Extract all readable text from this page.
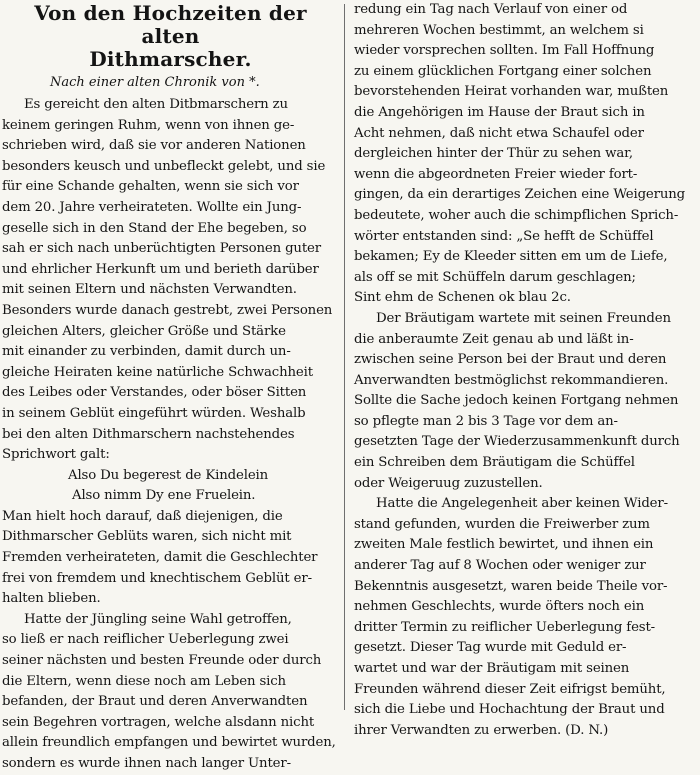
Von den Hochzeiten der alten
Dithmarscher.
Nach einer alten Chronik von *.
Es gereicht den alten Ditbmarschern zu
keinem geringen Ruhm, wenn von ihnen ge-
schrieben wird, daß sie vor anderen Nationen
besonders keusch und unbefleckt gelebt, und sie
für eine Schande gehalten, wenn sie sich vor
dem 20. Jahre verheirateten. Wollte ein Jung-
geselle sich in den Stand der Ehe begeben, so
sah er sich nach unberüchtigten Personen guter
und ehrlicher Herkunft um und berieth darüber
mit seinen Eltern und nächsten Verwandten.
Besonders wurde danach gestrebt, zwei Personen
gleichen Alters, gleicher Größe und Stärke
mit einander zu verbinden, damit durch un-
gleiche Heiraten keine natürliche Schwachheit
des Leibes oder Verstandes, oder böser Sitten
in seinem Geblüt eingeführt würden. Weshalb
bei den alten Dithmarschern nachstehendes
Sprichwort galt:
Also Du begerest de Kindelein
Also nimm Dy ene Fruelein.
Man hielt hoch darauf, daß diejenigen, die
Dithmarscher Geblüts waren, sich nicht mit
Fremden verheirateten, damit die Geschlechter
frei von fremdem und knechtischem Geblüt er-
halten blieben.
Hatte der Jüngling seine Wahl getroffen,
so ließ er nach reiflicher Ueberlegung zwei
seiner nächsten und besten Freunde oder durch
die Eltern, wenn diese noch am Leben sich
befanden, der Braut und deren Anverwandten
sein Begehren vortragen, welche alsdann nicht
allein freundlich empfangen und bewirtet wurden,
sondern es wurde ihnen nach langer Unter-
redung ein Tag nach Verlauf von einer od
mehreren Wochen bestimmt, an welchem si
wieder vorsprechen sollten. Im Fall Hoffnung
zu einem glücklichen Fortgang einer solchen
bevorstehenden Heirat vorhanden war, mußten
die Angehörigen im Hause der Braut sich in
Acht nehmen, daß nicht etwa Schaufel oder
dergleichen hinter der Thür zu sehen war,
wenn die abgeordneten Freier wieder fort-
gingen, da ein derartiges Zeichen eine Weigerung
bedeutete, woher auch die schimpflichen Sprich-
wörter entstanden sind: „Se hefft de Schüffel
bekamen; Ey de Kleeder sitten em um de Liefe,
als off se mit Schüffeln darum geschlagen;
Sint ehm de Schenen ok blau 2c.
Der Bräutigam wartete mit seinen Freunden
die anberaumte Zeit genau ab und läßt in-
zwischen seine Person bei der Braut und deren
Anverwandten bestmöglichst rekommandieren.
Sollte die Sache jedoch keinen Fortgang nehmen
so pflegte man 2 bis 3 Tage vor dem an-
gesetzten Tage der Wiederzusammenkunft durch
ein Schreiben dem Bräutigam die Schüffel
oder Weigeruug zuzustellen.
Hatte die Angelegenheit aber keinen Wider-
stand gefunden, wurden die Freiwerber zum
zweiten Male festlich bewirtet, und ihnen ein
anderer Tag auf 8 Wochen oder weniger zur
Bekenntnis ausgesetzt, waren beide Theile vor-
nehmen Geschlechts, wurde öfters noch ein
dritter Termin zu reiflicher Ueberlegung fest-
gesetzt. Dieser Tag wurde mit Geduld er-
wartet und war der Bräutigam mit seinen
Freunden während dieser Zeit eifrigst bemüht,
sich die Liebe und Hochachtung der Braut und
ihrer Verwandten zu erwerben. (D. N.)
